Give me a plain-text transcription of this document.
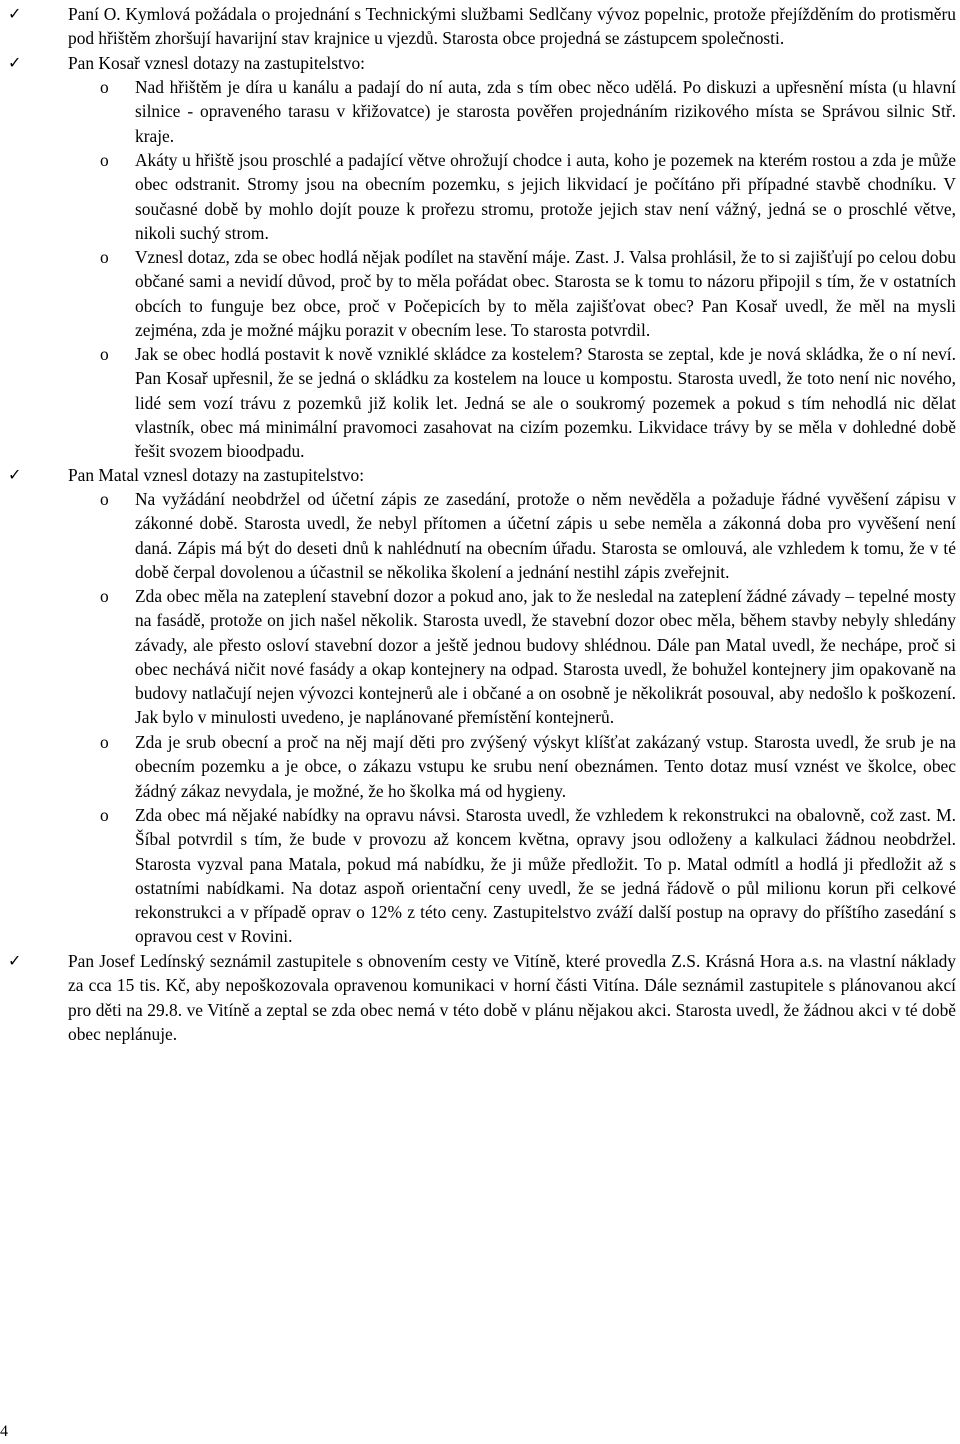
✓	Paní O. Kymlová požádala o projednání s Technickými službami Sedlčany vývoz popelnic, protože přejížděním do protisměru pod hřištěm zhoršují havarijní stav krajnice u vjezdů. Starosta obce projedná se zástupcem společnosti.
✓	Pan Kosař vznesl dotazy na zastupitelstvo:
o	Nad hřištěm je díra u kanálu a padají do ní auta, zda s tím obec něco udělá. Po diskuzi a upřesnění místa (u hlavní silnice - opraveného tarasu v křižovatce) je starosta pověřen projednáním rizikového místa se Správou silnic Stř. kraje.
o	Akáty u hřiště jsou proschlé a padající větve ohrožují chodce i auta, koho je pozemek na kterém rostou a zda je může obec odstranit. Stromy jsou na obecním pozemku, s jejich likvidací je počítáno při případné stavbě chodníku. V současné době by mohlo dojít pouze k prořezu stromu, protože jejich stav není vážný, jedná se o proschlé větve, nikoli suchý strom.
o	Jak se obec hodlá postavit k nově vzniklé skládce za kostelem? Starosta se zeptal, kde je nová skládka, že o ní neví. Pan Kosař upřesnil, že se jedná o skládku za kostelem na louce u kompostu. Starosta uvedl, že toto není nic nového, lidé sem vozí trávu z pozemků již kolik let. Jedná se ale o soukromý pozemek a pokud s tím nehodlá nic dělat vlastník, obec má minimální pravomoci zasahovat na cizím pozemku. Likvidace trávy by se měla v dohledné době řešit svozem bioodpadu.
o	Vznesl dotaz, zda se obec hodlá nějak podílet na stavění máje. Zast. J. Valsa prohlásil, že to si zajišťují po celou dobu občané sami a nevidí důvod, proč by to měla pořádat obec. Starosta se k tomu to názoru připojil s tím, že v ostatních obcích to funguje bez obce, proč v Počepicích by to měla zajišťovat obec? Pan Kosař uvedl, že měl na mysli zejména, zda je možné májku porazit v obecním lese. To starosta potvrdil.
✓	Pan Matal vznesl dotazy na zastupitelstvo:
o	Na vyžádání neobdržel od účetní zápis ze zasedání, protože o něm nevěděla a požaduje řádné vyvěšení zápisu v zákonné době. Starosta uvedl, že nebyl přítomen a účetní zápis u sebe neměla a zákonná doba pro vyvěšení není daná. Zápis má být do deseti dnů k nahlédnutí na obecním úřadu. Starosta se omlouvá, ale vzhledem k tomu, že v té době čerpal dovolenou a účastnil se několika školení a jednání nestihl zápis zveřejnit.
o	Zda obec měla na zateplení stavební dozor a pokud ano, jak to že nesledal na zateplení žádné závady – tepelné mosty na fasádě, protože on jich našel několik. Starosta uvedl, že stavební dozor obec měla, během stavby nebyly shledány závady, ale přesto osloví stavební dozor a ještě jednou budovy shlédnou. Dále pan Matal uvedl, že nechápe, proč si obec nechává ničit nové fasády a okap kontejnery na odpad. Starosta uvedl, že bohužel kontejnery jim opakovaně na budovy natlačují nejen vývozci kontejnerů ale i občané a on osobně je několikrát posouval, aby nedošlo k poškození. Jak bylo v minulosti uvedeno, je naplánované přemístění kontejnerů.
o	Zda je srub obecní a proč na něj mají děti pro zvýšený výskyt klíšťat zakázaný vstup. Starosta uvedl, že srub je na obecním pozemku a je obce, o zákazu vstupu ke srubu není obeznámen. Tento dotaz musí vznést ve školce, obec žádný zákaz nevydala, je možné, že ho školka má od hygieny.
o	Zda obec má nějaké nabídky na opravu návsi. Starosta uvedl, že vzhledem k rekonstrukci na obalovně, což zast. M. Šíbal potvrdil s tím, že bude v provozu až koncem května, opravy jsou odloženy a kalkulaci žádnou neobdržel. Starosta vyzval pana Matala, pokud má nabídku, že ji může předložit. To p. Matal odmítl a hodlá ji předložit až s ostatními nabídkami. Na dotaz aspoň orientační ceny uvedl, že se jedná řádově o půl milionu korun při celkové rekonstrukci a v případě oprav o 12% z této ceny. Zastupitelstvo zváží další postup na opravy do příštího zasedání s opravou cest v Rovini.
✓	Pan Josef Ledínský seznámil zastupitele s obnovením cesty ve Vitíně, které provedla Z.S. Krásná Hora a.s. na vlastní náklady za cca 15 tis. Kč, aby nepoškozovala opravenou komunikaci v horní části Vitína. Dále seznámil zastupitele s plánovanou akcí pro děti na 29.8. ve Vitíně a zeptal se zda obec nemá v této době v plánu nějakou akci. Starosta uvedl, že žádnou akci v té době obec neplánuje.
4
